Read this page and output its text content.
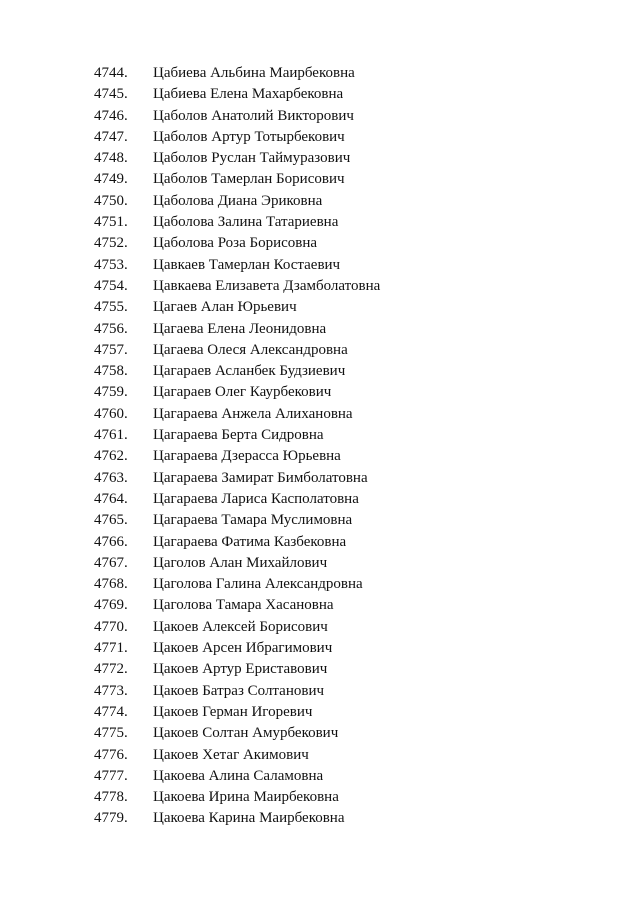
4744. Цабиева Альбина Маирбековна
4745. Цабиева Елена Махарбековна
4746. Цаболов Анатолий Викторович
4747. Цаболов Артур Тотырбекович
4748. Цаболов Руслан Таймуразович
4749. Цаболов Тамерлан Борисович
4750. Цаболова Диана Эриковна
4751. Цаболова Залина Татариевна
4752. Цаболова Роза Борисовна
4753. Цавкаев Тамерлан Костаевич
4754. Цавкаева Елизавета Дзамболатовна
4755. Цагаев Алан Юрьевич
4756. Цагаева Елена Леонидовна
4757. Цагаева Олеся Александровна
4758. Цагараев Асланбек Будзиевич
4759. Цагараев Олег Каурбекович
4760. Цагараева Анжела Алихановна
4761. Цагараева Берта Сидровна
4762. Цагараева Дзерасса Юрьевна
4763. Цагараева Замират Бимболатовна
4764. Цагараева Лариса Касполатовна
4765. Цагараева Тамара Муслимовна
4766. Цагараева Фатима Казбековна
4767. Цаголов Алан Михайлович
4768. Цаголова Галина Александровна
4769. Цаголова Тамара Хасановна
4770. Цакоев Алексей Борисович
4771. Цакоев Арсен Ибрагимович
4772. Цакоев Артур Ериставович
4773. Цакоев Батраз Солтанович
4774. Цакоев Герман Игоревич
4775. Цакоев Солтан Амурбекович
4776. Цакоев Хетаг Акимович
4777. Цакоева Алина Саламовна
4778. Цакоева Ирина Маирбековна
4779. Цакоева Карина Маирбековна
